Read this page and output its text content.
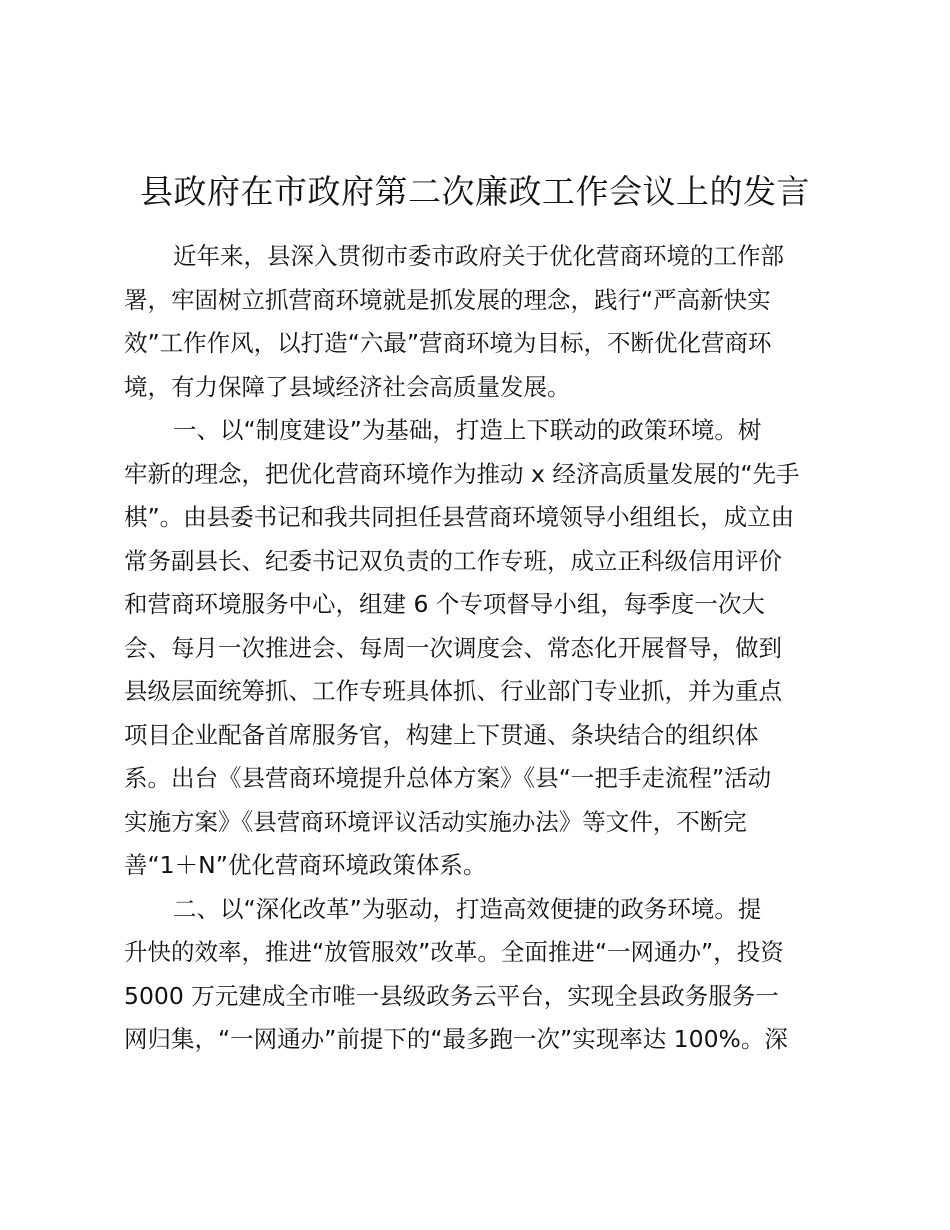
县政府在市政府第二次廉政工作会议上的发言

近年来，县深入贯彻市委市政府关于优化营商环境的工作部
署，牢固树立抓营商环境就是抓发展的理念，践行“严高新快实
效”工作作风，以打造“六最”营商环境为目标，不断优化营商环
境，有力保障了县域经济社会高质量发展。

一、以“制度建设”为基础，打造上下联动的政策环境。树
牢新的理念，把优化营商环境作为推动 x 经济高质量发展的“先手
棋”。由县委书记和我共同担任县营商环境领导小组组长，成立由
常务副县长、纪委书记双负责的工作专班，成立正科级信用评价
和营商环境服务中心，组建 6 个专项督导小组，每季度一次大
会、每月一次推进会、每周一次调度会、常态化开展督导，做到
县级层面统筹抓、工作专班具体抓、行业部门专业抓，并为重点
项目企业配备首席服务官，构建上下贯通、条块结合的组织体
系。出台《县营商环境提升总体方案》《县“一把手走流程”活动
实施方案》《县营商环境评议活动实施办法》等文件，不断完
善“1＋N”优化营商环境政策体系。

二、以“深化改革”为驱动，打造高效便捷的政务环境。提
升快的效率，推进“放管服效”改革。全面推进“一网通办”，投资
5000 万元建成全市唯一县级政务云平台，实现全县政务服务一
网归集，“一网通办”前提下的“最多跑一次”实现率达 100%。深
